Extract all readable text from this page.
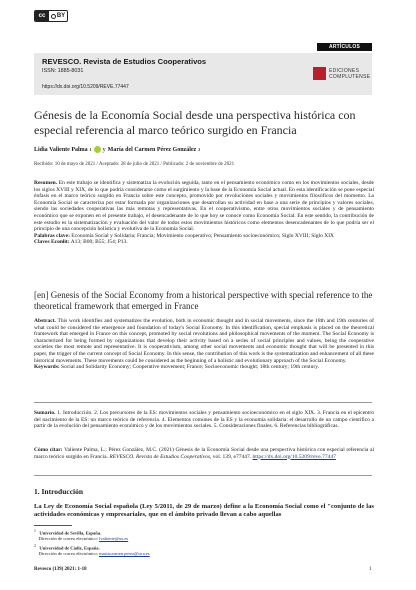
cc	BY
ARTÍCULOS
REVESCO. Revista de Estudios Cooperativos
ISSN: 1885-8031
https://dx.doi.org/10.5209/REVE.77447
EDICIONES
COMPLUTENSE
Génesis de la Economía Social desde una perspectiva histórica con especial referencia al marco teórico surgido en Francia
Lidia Valiente Palma 1 y María del Carmen Pérez González 2
Recibido: 10 de mayo de 2021 / Aceptado: 28 de julio de 2021 / Publicado: 2 de noviembre de 2021
Resumen. En este trabajo se identifica y sistematiza la evolución seguida, tanto en el pensamiento económico como en los movimientos sociales, desde los siglos XVIII y XIX, de lo que podría considerarse como el surgimiento y la base de la Economía Social actual. En esta identificación se pone especial énfasis en el marco teórico surgido en Francia sobre este concepto, promovido por revoluciones sociales y movimientos filosóficos del momento. La Economía Social se caracteriza por estar formada por organizaciones que desarrollan su actividad en base a una serie de principios y valores sociales, siendo las sociedades cooperativas las más remotas y representativas. En el cooperativismo, entre otros movimientos sociales y de pensamiento económico que se exponen en el presente trabajo, el desencadenante de lo que hoy se conoce como Economía Social. En este sentido, la contribución de este estudio es la sistematización y evaluación del valor de todos estos movimientos históricos como elementos desencadenantes de lo que podría ser el principio de una concepción holística y evolutiva de la Economía Social.
Palabras clave: Economía Social y Solidaria; Francia; Movimiento cooperativo; Pensamiento socioeconómico; Siglo XVIII; Siglo XIX
Claves Econlit: A13; B00; B55; J54; P13.
[en] Genesis of the Social Economy from a historical perspective with special reference to the theoretical framework that emerged in France
Abstract. This work identifies and systematizes the evolution, both in economic thought and in social movements, since the 18th and 19th centuries of what could be considered the emergence and foundation of today's Social Economy. In this identification, special emphasis is placed on the theoretical framework that emerged in France on this concept, promoted by social revolutions and philosophical movements of the moment. The Social Economy is characterized for being formed by organizations that develop their activity based on a series of social principles and values, being the cooperative societies the most remote and representative. It is cooperativism, among other social movements and economic thought that will be presented in this paper, the trigger of the current concept of Social Economy. In this sense, the contribution of this work is the systematization and enhancement of all these historical movements. These movements could be considered as the beginning of a holistic and evolutionary approach of the Social Economy.
Keywords: Social and Solidarity Economy; Cooperative movement; France; Socioeconomic thought; 18th century; 19th century.
Sumario. 1. Introducción. 2. Los precursores de la ES: movimientos sociales y pensamiento socioeconómico en el siglo XIX. 3. Francia en el epicentro del nacimiento de la ES: un marco teórico de referencia. 4. Elementos comunes de la ES y la economía solidaria: el desarrollo de un campo científico a partir de la evolución del pensamiento económico y de los movimientos sociales. 5. Consideraciones finales. 6. Referencias bibliográficas.
Cómo citar: Valiente Palma, L.; Pérez González, M.C. (2021) Génesis de la Economía Social desde una perspectiva histórica con especial referencia al marco teórico surgido en Francia. REVESCO. Revista de Estudios Cooperativos, vol. 139, e77447. https://dx.doi.org/10.5209/reve.77447
1. Introducción
La Ley de Economía Social española (Ley 5/2011, de 29 de marzo) define a la Economía Social como el "conjunto de las actividades económicas y empresariales, que en el ámbito privado llevan a cabo aquellas
$^1$ Universidad de Sevilla, España.
Dirección de correo electrónico: lvaliente@us.es
$^2$ Universidad de Cádiz, España.
Dirección de correo electrónico: mariacarmen.perez@uca.es
Revesco (139) 2021: 1-18	1
